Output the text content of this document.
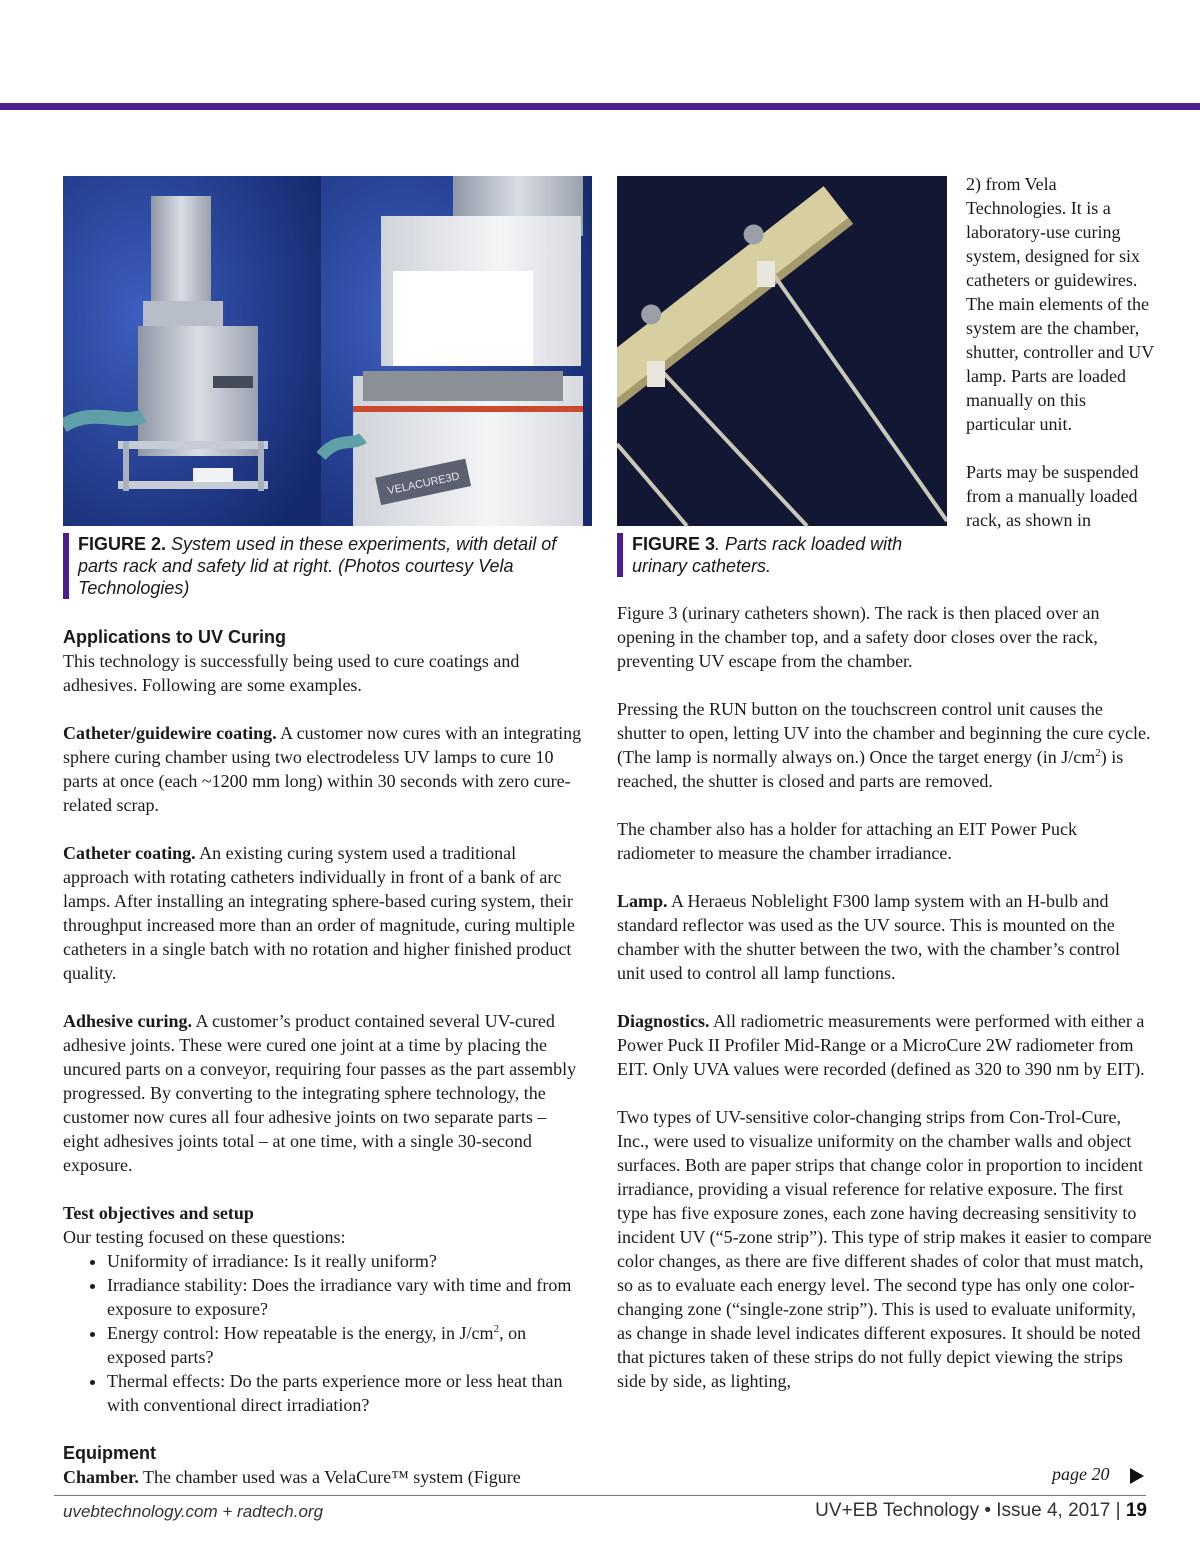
VELACURE3D
FIGURE 2. System used in these experiments, with detail of parts rack and safety lid at right. (Photos courtesy Vela Technologies)
FIGURE 3. Parts rack loaded with urinary catheters.
Applications to UV Curing

This technology is successfully being used to cure coatings and adhesives. Following are some examples.

Catheter/guidewire coating. A customer now cures with an integrating sphere curing chamber using two electrodeless UV lamps to cure 10 parts at once (each ~1200 mm long) within 30 seconds with zero cure-related scrap.

Catheter coating. An existing curing system used a traditional approach with rotating catheters individually in front of a bank of arc lamps. After installing an integrating sphere-based curing system, their throughput increased more than an order of magnitude, curing multiple catheters in a single batch with no rotation and higher finished product quality.

Adhesive curing. A customer’s product contained several UV-cured adhesive joints. These were cured one joint at a time by placing the uncured parts on a conveyor, requiring four passes as the part assembly progressed. By converting to the integrating sphere technology, the customer now cures all four adhesive joints on two separate parts – eight adhesives joints total – at one time, with a single 30-second exposure.

Test objectives and setup

Our testing focused on these questions:

• Uniformity of irradiance: Is it really uniform?
• Irradiance stability: Does the irradiance vary with time and from exposure to exposure?
• Energy control: How repeatable is the energy, in $J/cm^2$, on exposed parts?
• Thermal effects: Do the parts experience more or less heat than with conventional direct irradiation?
Equipment

Chamber. The chamber used was a VelaCure™ system (Figure

2) from Vela Technologies. It is a laboratory-use curing system, designed for six catheters or guidewires. The main elements of the system are the chamber, shutter, controller and UV lamp. Parts are loaded manually on this particular unit.

Parts may be suspended from a manually loaded rack, as shown in

Figure 3 (urinary catheters shown). The rack is then placed over an opening in the chamber top, and a safety door closes over the rack, preventing UV escape from the chamber.

Pressing the RUN button on the touchscreen control unit causes the shutter to open, letting UV into the chamber and beginning the cure cycle. (The lamp is normally always on.) Once the target energy (in $J/cm^2$) is reached, the shutter is closed and parts are removed.

The chamber also has a holder for attaching an EIT Power Puck radiometer to measure the chamber irradiance.

Lamp. A Heraeus Noblelight F300 lamp system with an H-bulb and standard reflector was used as the UV source. This is mounted on the chamber with the shutter between the two, with the chamber’s control unit used to control all lamp functions.

Diagnostics. All radiometric measurements were performed with either a Power Puck II Profiler Mid-Range or a MicroCure 2W radiometer from EIT. Only UVA values were recorded (defined as 320 to 390 nm by EIT).

Two types of UV-sensitive color-changing strips from Con-Trol-Cure, Inc., were used to visualize uniformity on the chamber walls and object surfaces. Both are paper strips that change color in proportion to incident irradiance, providing a visual reference for relative exposure. The first type has five exposure zones, each zone having decreasing sensitivity to incident UV (“5-zone strip”). This type of strip makes it easier to compare color changes, as there are five different shades of color that must match, so as to evaluate each energy level. The second type has only one color-changing zone (“single-zone strip”). This is used to evaluate uniformity, as change in shade level indicates different exposures. It should be noted that pictures taken of these strips do not fully depict viewing the strips side by side, as lighting,

page 20
uvebtechnology.com + radtech.org	UV+EB Technology • Issue 4, 2017 | 19
